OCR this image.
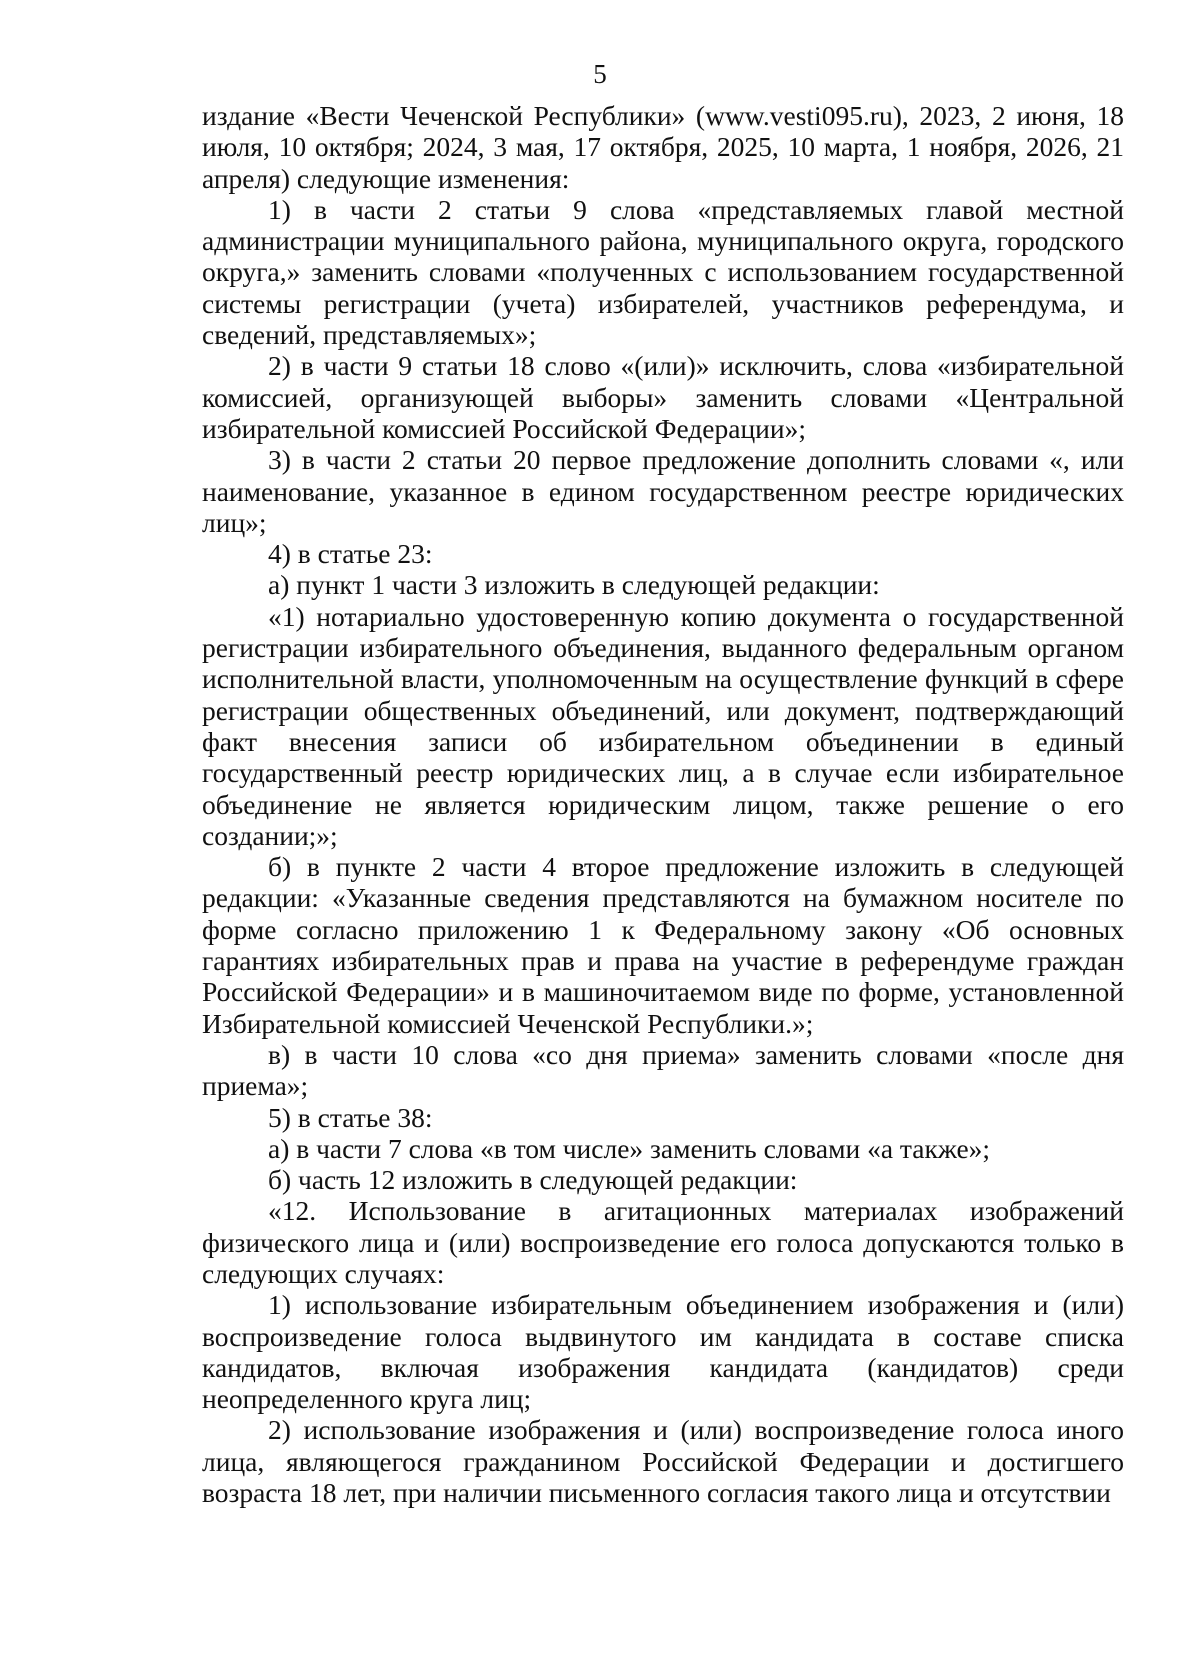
5

издание «Вести Чеченской Республики» (www.vesti095.ru), 2023, 2 июня, 18 июля, 10 октября; 2024, 3 мая, 17 октября, 2025, 10 марта, 1 ноября, 2026, 21 апреля) следующие изменения:

1) в части 2 статьи 9 слова «представляемых главой местной администрации муниципального района, муниципального округа, городского округа,» заменить словами «полученных с использованием государственной системы регистрации (учета) избирателей, участников референдума, и сведений, представляемых»;

2) в части 9 статьи 18 слово «(или)» исключить, слова «избирательной комиссией, организующей выборы» заменить словами «Центральной избирательной комиссией Российской Федерации»;

3) в части 2 статьи 20 первое предложение дополнить словами «, или наименование, указанное в едином государственном реестре юридических лиц»;

4) в статье 23:

а) пункт 1 части 3 изложить в следующей редакции:

«1) нотариально удостоверенную копию документа о государственной регистрации избирательного объединения, выданного федеральным органом исполнительной власти, уполномоченным на осуществление функций в сфере регистрации общественных объединений, или документ, подтверждающий факт внесения записи об избирательном объединении в единый государственный реестр юридических лиц, а в случае если избирательное объединение не является юридическим лицом, также решение о его создании;»;

б) в пункте 2 части 4 второе предложение изложить в следующей редакции: «Указанные сведения представляются на бумажном носителе по форме согласно приложению 1 к Федеральному закону «Об основных гарантиях избирательных прав и права на участие в референдуме граждан Российской Федерации» и в машиночитаемом виде по форме, установленной Избирательной комиссией Чеченской Республики.»;

в) в части 10 слова «со дня приема» заменить словами «после дня приема»;

5) в статье 38:

а) в части 7 слова «в том числе» заменить словами «а также»;

б) часть 12 изложить в следующей редакции:

«12. Использование в агитационных материалах изображений физического лица и (или) воспроизведение его голоса допускаются только в следующих случаях:

1) использование избирательным объединением изображения и (или) воспроизведение голоса выдвинутого им кандидата в составе списка кандидатов, включая изображения кандидата (кандидатов) среди неопределенного круга лиц;

2) использование изображения и (или) воспроизведение голоса иного лица, являющегося гражданином Российской Федерации и достигшего возраста 18 лет, при наличии письменного согласия такого лица и отсутствии
